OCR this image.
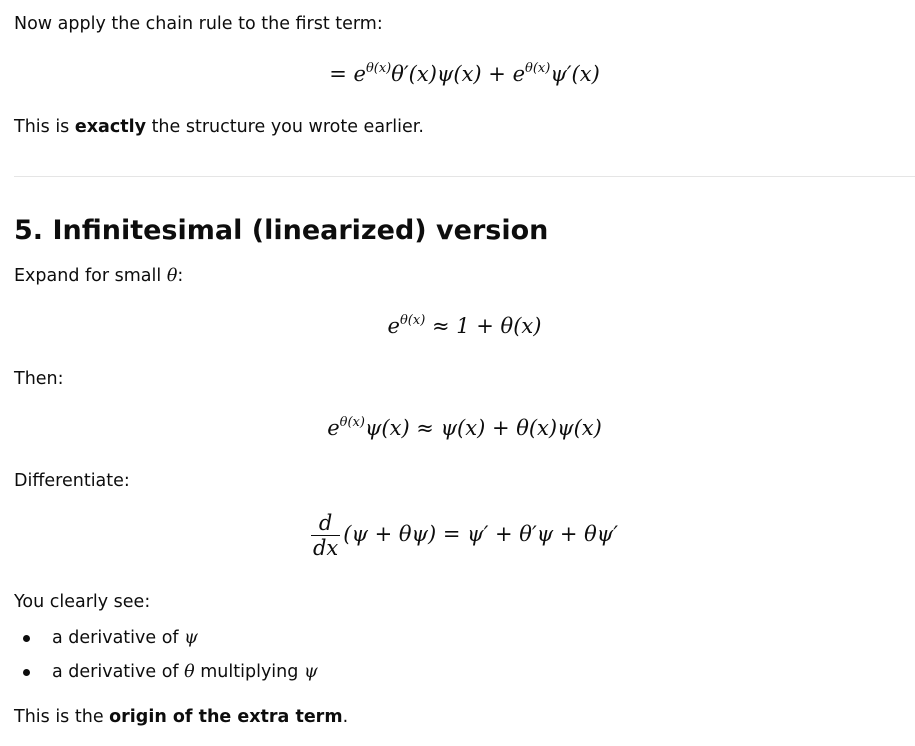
Now apply the chain rule to the first term:
= $e^{\theta(x)}\theta'(x)\psi(x) + e^{\theta(x)}\psi'(x)$
This is exactly the structure you wrote earlier.
5. Infinitesimal (linearized) version
Expand for small θ:
$e^{\theta(x)} \approx 1 + \theta(x)$
Then:
$e^{\theta(x)}\psi(x) \approx \psi(x) + \theta(x)\psi(x)$
Differentiate:
$\frac{d}{dx} (\psi + \theta\psi) = \psi' + \theta'\psi + \theta\psi'$
You clearly see:
a derivative of ψ
a derivative of θ multiplying ψ
This is the origin of the extra term.
